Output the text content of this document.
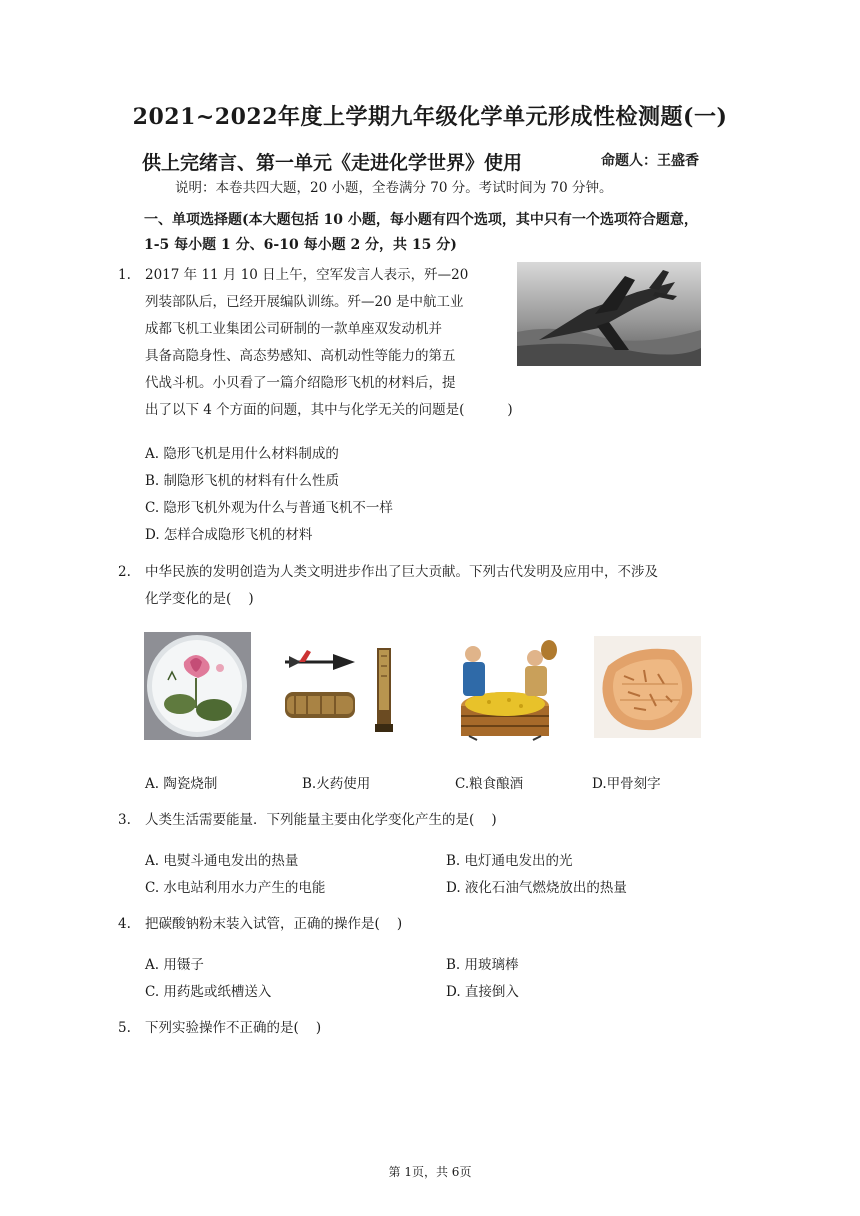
2021~2022年度上学期九年级化学单元形成性检测题(一)
供上完绪言、第一单元《走进化学世界》使用	命题人：王盛香
说明：本卷共四大题，20 小题，全卷满分 70 分。考试时间为 70 分钟。
一、单项选择题(本大题包括 10 小题，每小题有四个选项，其中只有一个选项符合题意，
1-5 每小题 1 分、6-10 每小题 2 分，共 15 分)
1. 2017 年 11 月 10 日上午，空军发言人表示，歼—20
列装部队后，已经开展编队训练。歼—20 是中航工业
成都飞机工业集团公司研制的一款单座双发动机并
具备高隐身性、高态势感知、高机动性等能力的第五
代战斗机。小贝看了一篇介绍隐形飞机的材料后，提
出了以下 4 个方面的问题，其中与化学无关的问题是(          )
A. 隐形飞机是用什么材料制成的
B. 制隐形飞机的材料有什么性质
C. 隐形飞机外观为什么与普通飞机不一样
D. 怎样合成隐形飞机的材料
2. 中华民族的发明创造为人类文明进步作出了巨大贡献。下列古代发明及应用中，不涉及
化学变化的是(    )
A. 陶瓷烧制	B.火药使用	C.粮食酿酒	D.甲骨刻字
3. 人类生活需要能量．下列能量主要由化学变化产生的是(    )
A. 电熨斗通电发出的热量	B. 电灯通电发出的光
C. 水电站利用水力产生的电能	D. 液化石油气燃烧放出的热量
4. 把碳酸钠粉末装入试管，正确的操作是(    )
A. 用镊子	B. 用玻璃棒
C. 用药匙或纸槽送入	D. 直接倒入
5. 下列实验操作不正确的是(    )
第 1页，共 6页
